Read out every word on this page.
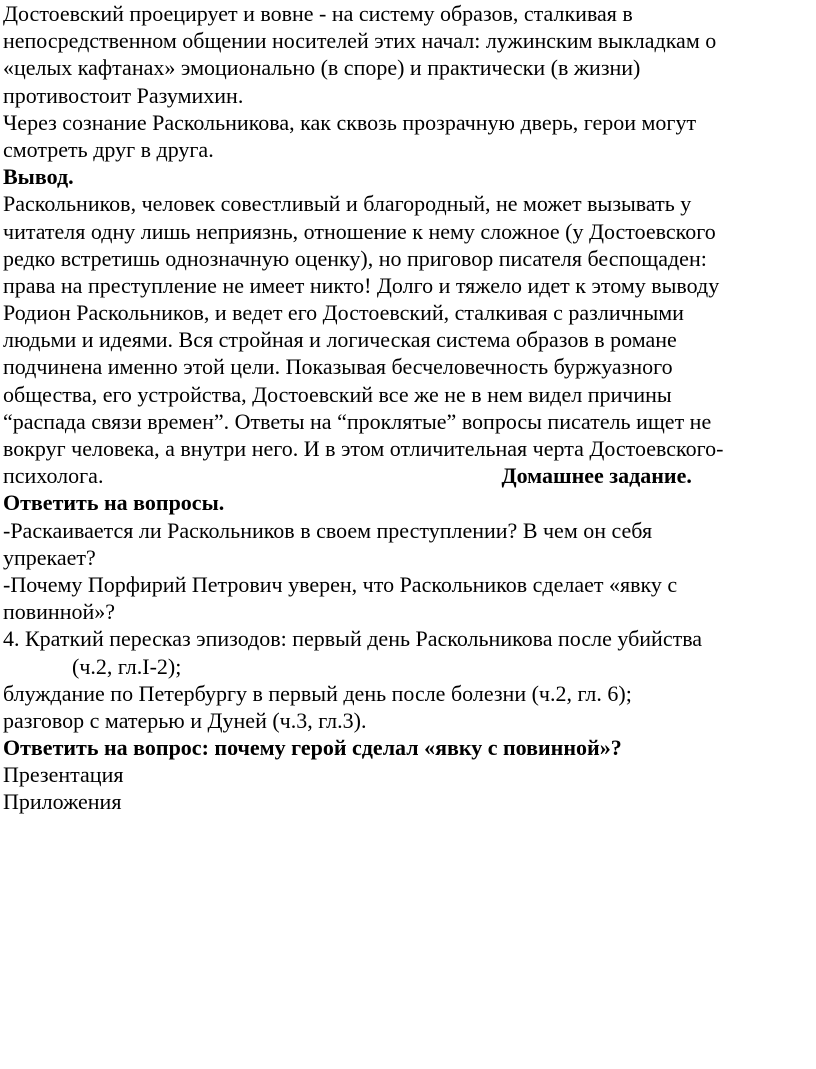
Достоевский проецирует и вовне - на систему образов, сталкивая в
непосредственном общении носителей этих начал: лужинским выкладкам о
«целых кафтанах» эмоционально (в споре) и практически (в жизни)
противостоит Разумихин.
Через сознание Раскольникова, как сквозь прозрачную дверь, герои могут
смотреть друг в друга.
Вывод.
Раскольников, человек совестливый и благородный, не может вызывать у
читателя одну лишь неприязнь, отношение к нему сложное (у Достоевского
редко встретишь однозначную оценку), но приговор писателя беспощаден:
права на преступление не имеет никто! Долго и тяжело идет к этому выводу
Родион Раскольников, и ведет его Достоевский, сталкивая с различными
людьми и идеями. Вся стройная и логическая система образов в романе
подчинена именно этой цели. Показывая бесчеловечность буржуазного
общества, его устройства, Достоевский все же не в нем видел причины
“распада связи времен”. Ответы на “проклятые” вопросы писатель ищет не
вокруг человека, а внутри него. И в этом отличительная черта Достоевского-
психолога.	Домашнее задание.
Ответить на вопросы.
-Раскаивается ли Раскольников в своем преступлении? В чем он себя
упрекает?
-Почему Порфирий Петрович уверен, что Раскольников сделает «явку с
повинной»?
4. Краткий пересказ эпизодов: первый день Раскольникова после убийства
(ч.2, гл.I-2);
блуждание по Петербургу в первый день после болезни (ч.2, гл. 6);
разговор с матерью и Дуней (ч.3, гл.3).
Ответить на вопрос: почему герой сделал «явку с повинной»?
Презентация
Приложения
